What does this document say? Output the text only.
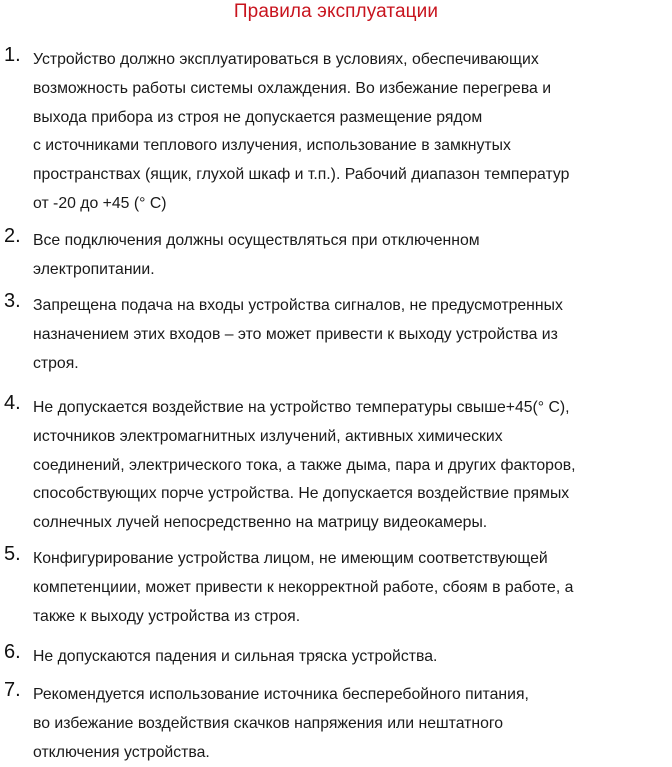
Правила эксплуатации
1. Устройство должно эксплуатироваться в условиях, обеспечивающих
возможность работы системы охлаждения. Во избежание перегрева и
выхода прибора из строя не допускается размещение рядом
с источниками теплового излучения, использование в замкнутых
пространствах (ящик, глухой шкаф и т.п.). Рабочий диапазон температур
от -20 до +45 (° С)
2. Все подключения должны осуществляться при отключенном
электропитании.
3. Запрещена подача на входы устройства сигналов, не предусмотренных
назначением этих входов – это может привести к выходу устройства из
строя.
4. Не допускается воздействие на устройство температуры свыше+45(° С),
источников электромагнитных излучений, активных химических
соединений, электрического тока, а также дыма, пара и других факторов,
способствующих порче устройства. Не допускается воздействие прямых
солнечных лучей непосредственно на матрицу видеокамеры.
5. Конфигурирование устройства лицом, не имеющим соответствующей
компетенциии, может привести к некорректной работе, сбоям в работе, а
также к выходу устройства из строя.
6. Не допускаются падения и сильная тряска устройства.
7. Рекомендуется использование источника бесперебойного питания,
во избежание воздействия скачков напряжения или нештатного
отключения устройства.
